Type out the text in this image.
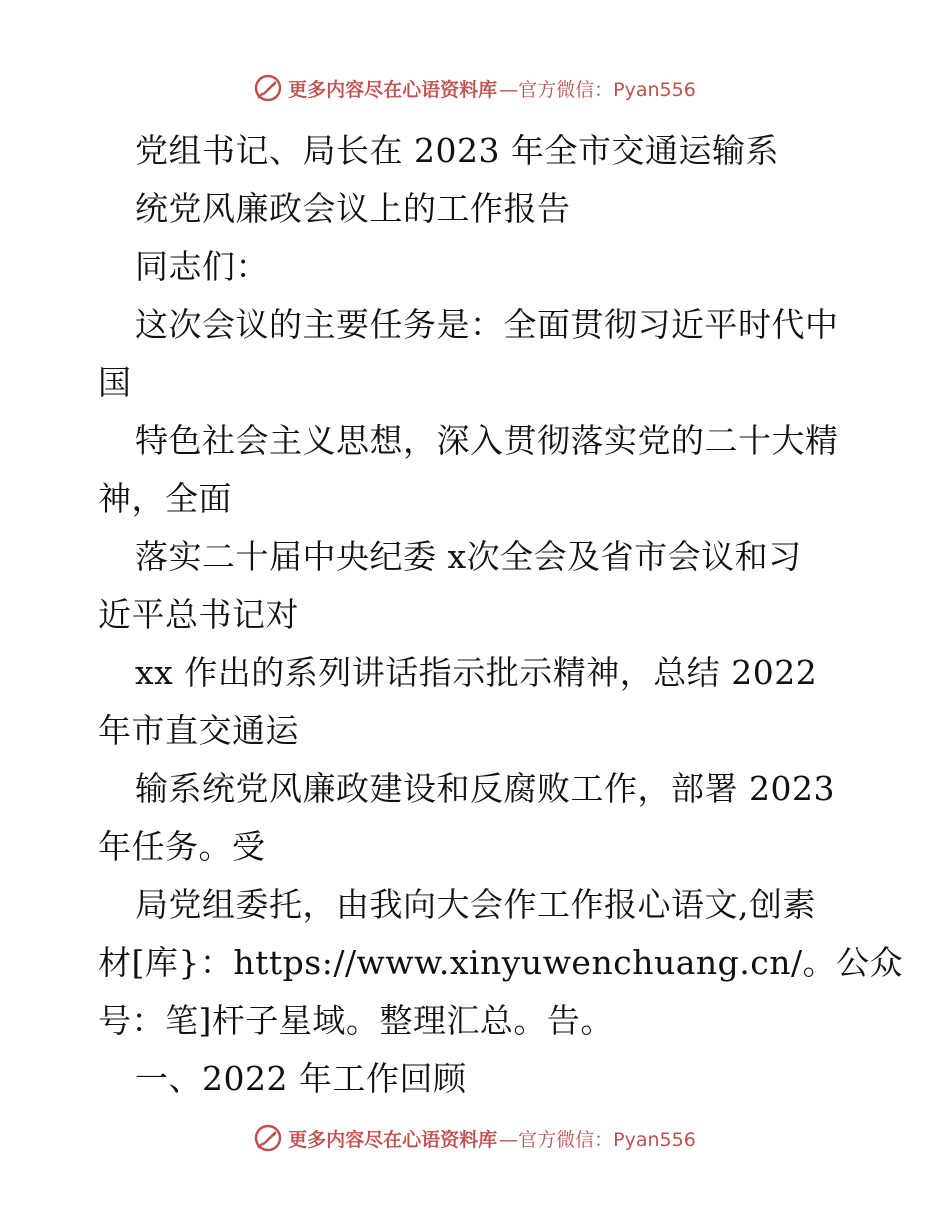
更多内容尽在心语资料库 —官方微信：Pyan556
党组书记、局长在 2023 年全市交通运输系
统党风廉政会议上的工作报告
同志们：
这次会议的主要任务是：全面贯彻习近平时代中
国
特色社会主义思想，深入贯彻落实党的二十大精
神，全面
落实二十届中央纪委 x次全会及省市会议和习
近平总书记对
xx 作出的系列讲话指示批示精神，总结 2022
年市直交通运
输系统党风廉政建设和反腐败工作，部署 2023
年任务。受
局党组委托，由我向大会作工作报心语文,创素
材[库}：https://www.xinyuwenchuang.cn/。公众
号：笔]杆子星域。整理汇总。告。
一、2022 年工作回顾
更多内容尽在心语资料库 —官方微信：Pyan556
